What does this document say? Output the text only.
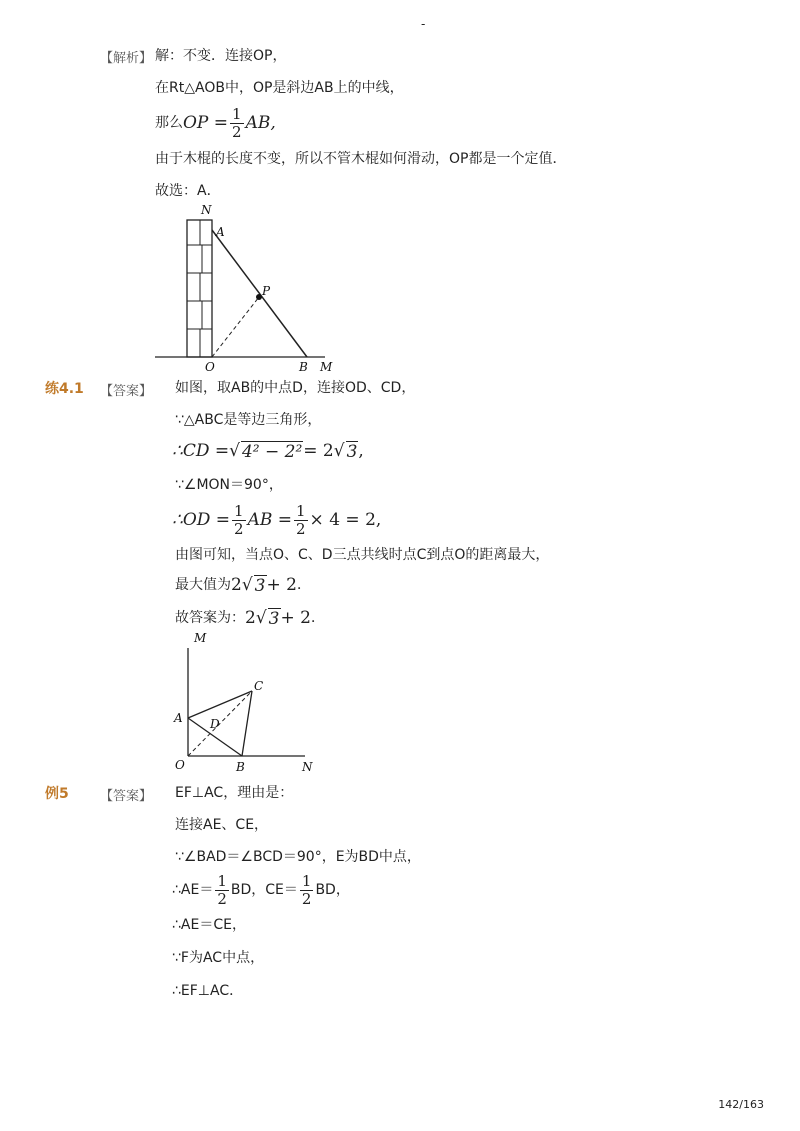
-
【解析】 解：不变．连接OP，
在Rt△AOB中，OP是斜边AB上的中线，
那么 OP = $\frac{1}{2}$ AB,
由于木棍的长度不变，所以不管木棍如何滑动，OP都是一个定值．
故选：A．
N
A
P
O	B M
练4.1 【答案】 如图，取AB的中点D，连接OD、CD，
∵△ABC是等边三角形，
∴CD = √ 4² − 2² = 2 √ 3 ,
∵∠MON＝90°，
∴OD = $\frac{1}{2}$ AB = $\frac{1}{2} \times 4 = 2$,
由图可知，当点O、C、D三点共线时点C到点O的距离最大，
最大值为 2 √ 3 + 2 ．
故答案为： 2 √ 3 + 2 ．
M
C
A D
O	B	N
例5 【答案】 EF⊥AC，理由是：
连接AE、CE，
∵∠BAD＝∠BCD＝90°，E为BD中点，
∴AE＝ $\frac{1}{2}$ BD，$CE= \frac{1}{2}$ BD，
∴AE＝CE，
∵F为AC中点，
∴EF⊥AC．
142/163
